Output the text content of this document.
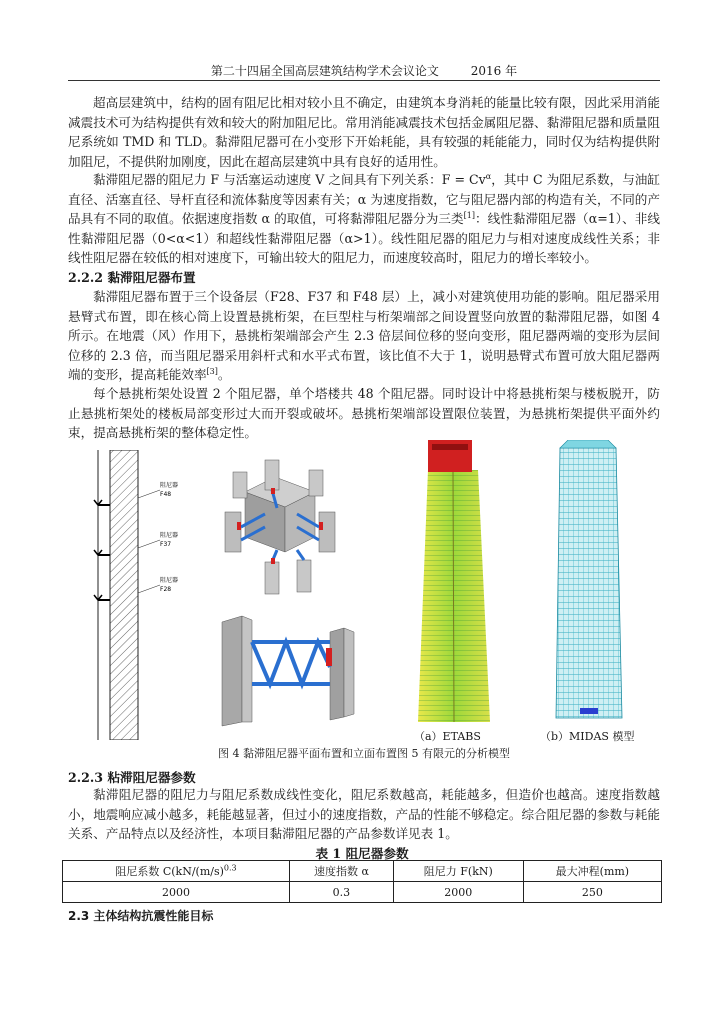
第二十四届全国高层建筑结构学术会议论文	2016 年

超高层建筑中，结构的固有阻尼比相对较小且不确定，由建筑本身消耗的能量比较有限，因此采用消能减震技术可为结构提供有效和较大的附加阻尼比。常用消能减震技术包括金属阻尼器、黏滞阻尼器和质量阻尼系统如 TMD 和 TLD。黏滞阻尼器可在小变形下开始耗能，具有较强的耗能能力，同时仅为结构提供附加阻尼，不提供附加刚度，因此在超高层建筑中具有良好的适用性。

黏滞阻尼器的阻尼力 F 与活塞运动速度 V 之间具有下列关系：$F = Cv^\alpha$，其中 C 为阻尼系数，与油缸直径、活塞直径、导杆直径和流体黏度等因素有关；α 为速度指数，它与阻尼器内部的构造有关，不同的产品具有不同的取值。依据速度指数 α 的取值，可将黏滞阻尼器分为三类[1]：线性黏滞阻尼器（α=1）、非线性黏滞阻尼器（0<α<1）和超线性黏滞阻尼器（α>1）。线性阻尼器的阻尼力与相对速度成线性关系；非线性阻尼器在较低的相对速度下，可输出较大的阻尼力，而速度较高时，阻尼力的增长率较小。

2.2.2 黏滞阻尼器布置

黏滞阻尼器布置于三个设备层（F28、F37 和 F48 层）上，减小对建筑使用功能的影响。阻尼器采用悬臂式布置，即在核心筒上设置悬挑桁架，在巨型柱与桁架端部之间设置竖向放置的黏滞阻尼器，如图 4 所示。在地震（风）作用下，悬挑桁架端部会产生 2.3 倍层间位移的竖向变形，阻尼器两端的变形为层间位移的 2.3 倍，而当阻尼器采用斜杆式和水平式布置，该比值不大于 1，说明悬臂式布置可放大阻尼器两端的变形，提高耗能效率[3]。

每个悬挑桁架处设置 2 个阻尼器，单个塔楼共 48 个阻尼器。同时设计中将悬挑桁架与楼板脱开，防止悬挑桁架处的楼板局部变形过大而开裂或破坏。悬挑桁架端部设置限位装置，为悬挑桁架提供平面外约束，提高悬挑桁架的整体稳定性。

阻尼器
F48
阻尼器
F37
阻尼器
F28
（a）ETABS	（b）MIDAS 模型
图 4 黏滞阻尼器平面布置和立面布置图 5 有限元的分析模型
2.2.3 粘滞阻尼器参数

黏滞阻尼器的阻尼力与阻尼系数成线性变化，阻尼系数越高，耗能越多，但造价也越高。速度指数越小，地震响应减小越多，耗能越显著，但过小的速度指数，产品的性能不够稳定。综合阻尼器的参数与耗能关系、产品特点以及经济性，本项目黏滞阻尼器的产品参数详见表 1。

表 1 阻尼器参数
阻尼系数 $C(kN/(m/s)^{0.3}$	速度指数 α	阻尼力 F(kN)	最大冲程(mm)
2000	0.3	2000	250
2.3 主体结构抗震性能目标
